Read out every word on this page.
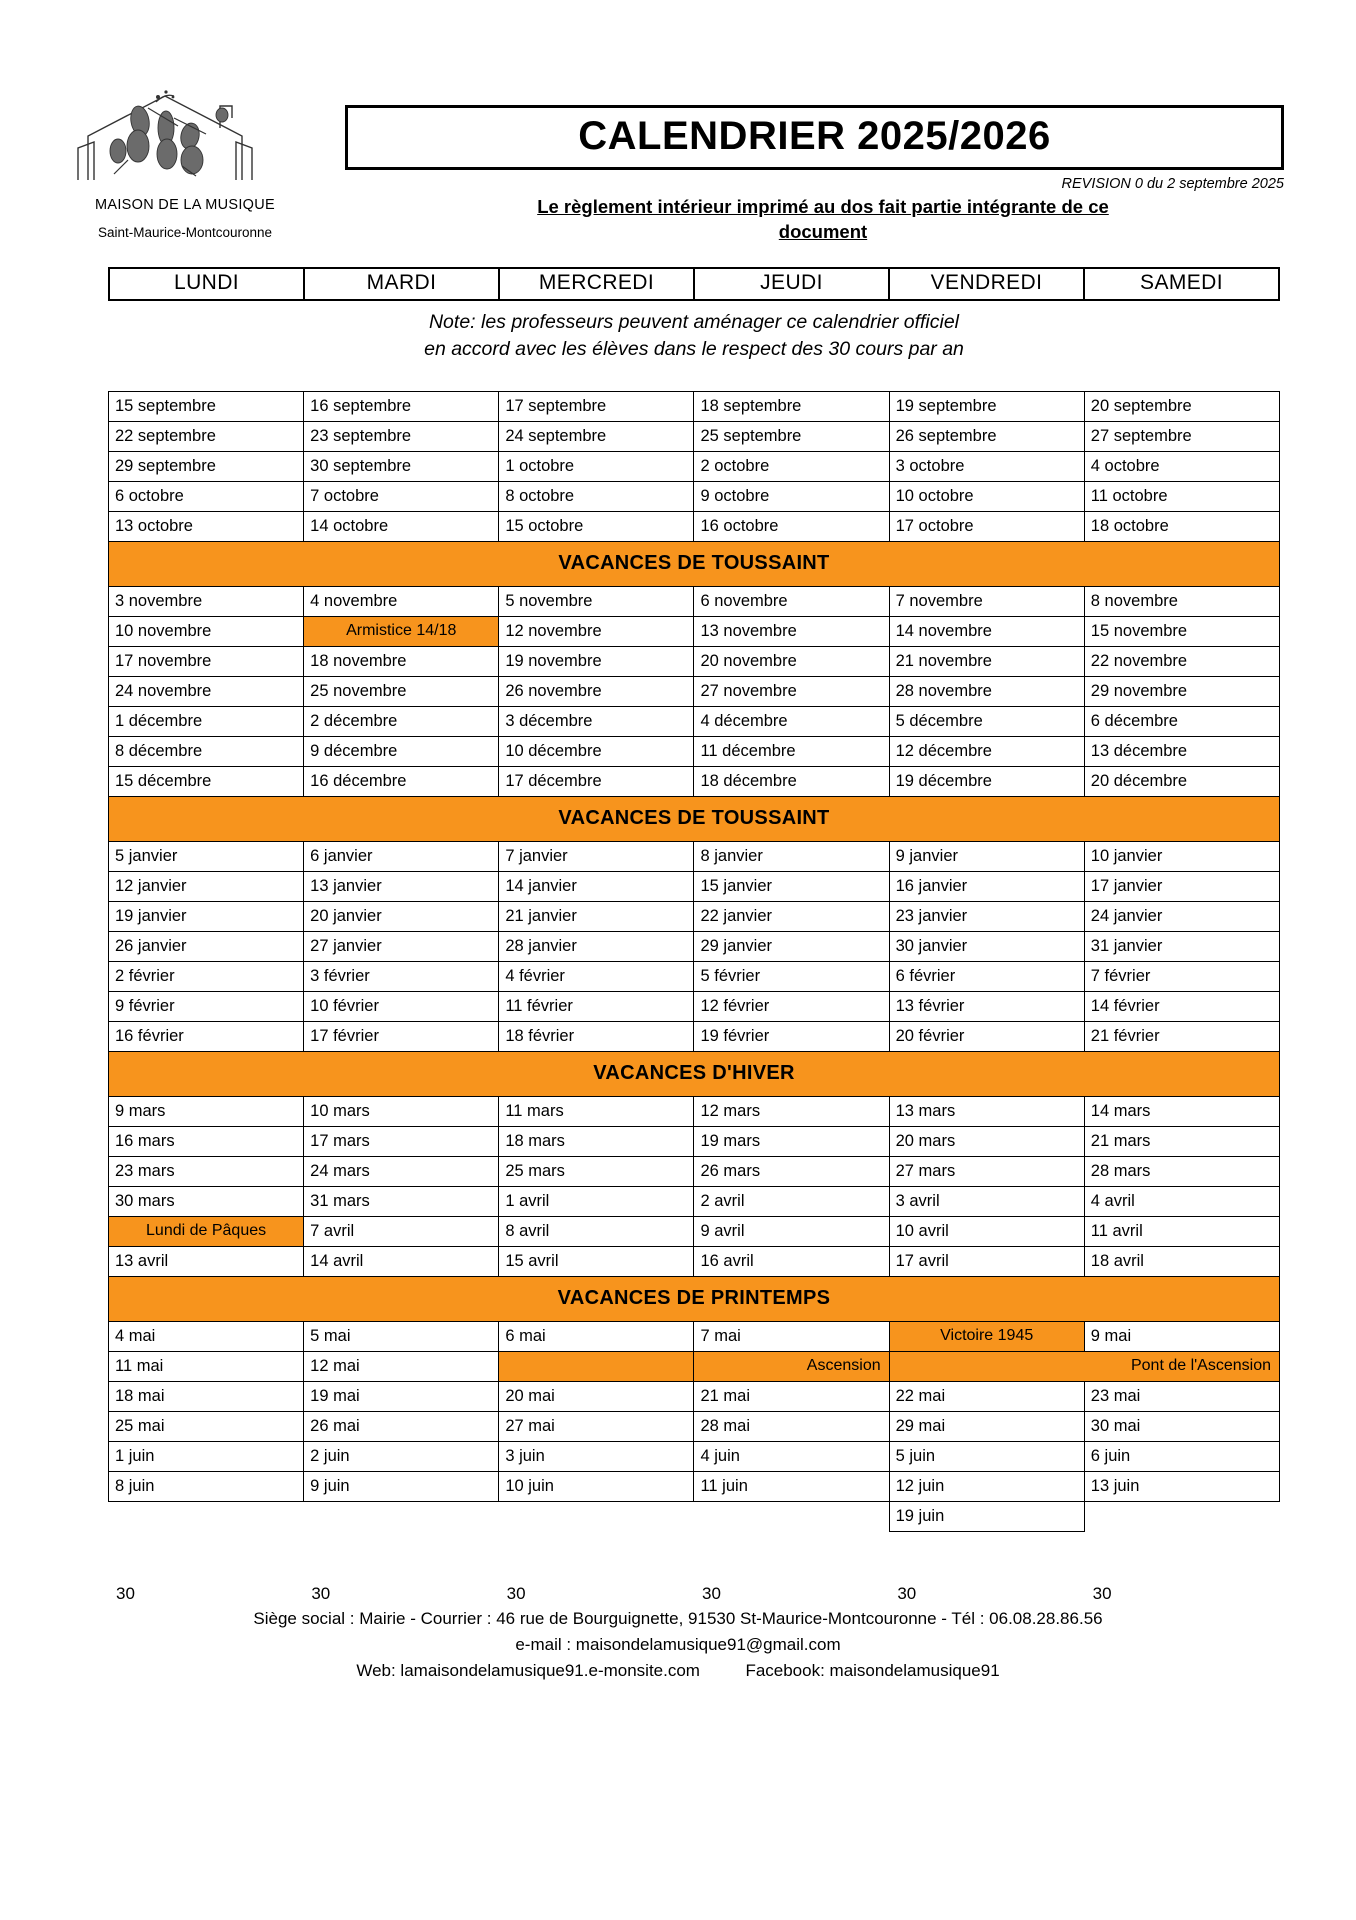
MAISON DE LA MUSIQUE
Saint-Maurice-Montcouronne
CALENDRIER 2025/2026
REVISION 0 du 2 septembre 2025
Le règlement intérieur imprimé au dos fait partie intégrante de ce
document
LUNDI	MARDI	MERCREDI	JEUDI	VENDREDI	SAMEDI
Note: les professeurs peuvent aménager ce calendrier officiel
en accord avec les élèves dans le respect des 30 cours par an
15 septembre	16 septembre	17 septembre	18 septembre	19 septembre	20 septembre
22 septembre	23 septembre	24 septembre	25 septembre	26 septembre	27 septembre
29 septembre	30 septembre	1 octobre	2 octobre	3 octobre	4 octobre
6 octobre	7 octobre	8 octobre	9 octobre	10 octobre	11 octobre
13 octobre	14 octobre	15 octobre	16 octobre	17 octobre	18 octobre
VACANCES DE TOUSSAINT					
3 novembre	4 novembre	5 novembre	6 novembre	7 novembre	8 novembre
10 novembre	Armistice 14/18	12 novembre	13 novembre	14 novembre	15 novembre
17 novembre	18 novembre	19 novembre	20 novembre	21 novembre	22 novembre
24 novembre	25 novembre	26 novembre	27 novembre	28 novembre	29 novembre
1 décembre	2 décembre	3 décembre	4 décembre	5 décembre	6 décembre
8 décembre	9 décembre	10 décembre	11 décembre	12 décembre	13 décembre
15 décembre	16 décembre	17 décembre	18 décembre	19 décembre	20 décembre
VACANCES DE TOUSSAINT					
5 janvier	6 janvier	7 janvier	8 janvier	9 janvier	10 janvier
12 janvier	13 janvier	14 janvier	15 janvier	16 janvier	17 janvier
19 janvier	20 janvier	21 janvier	22 janvier	23 janvier	24 janvier
26 janvier	27 janvier	28 janvier	29 janvier	30 janvier	31 janvier
2 février	3 février	4 février	5 février	6 février	7 février
9 février	10 février	11 février	12 février	13 février	14 février
16 février	17 février	18 février	19 février	20 février	21 février
VACANCES D'HIVER					
9 mars	10 mars	11 mars	12 mars	13 mars	14 mars
16 mars	17 mars	18 mars	19 mars	20 mars	21 mars
23 mars	24 mars	25 mars	26 mars	27 mars	28 mars
30 mars	31 mars	1 avril	2 avril	3 avril	4 avril
Lundi de Pâques	7 avril	8 avril	9 avril	10 avril	11 avril
13 avril	14 avril	15 avril	16 avril	17 avril	18 avril
VACANCES DE PRINTEMPS					
4 mai	5 mai	6 mai	7 mai	Victoire 1945	9 mai
11 mai	12 mai		Ascension	Pont de l'Ascension	
18 mai	19 mai	20 mai	21 mai	22 mai	23 mai
25 mai	26 mai	27 mai	28 mai	29 mai	30 mai
1 juin	2 juin	3 juin	4 juin	5 juin	6 juin
8 juin	9 juin	10 juin	11 juin	12 juin	13 juin
				19 juin	
30	30	30	30	30	30
Siège social : Mairie - Courrier : 46 rue de Bourguignette, 91530 St-Maurice-Montcouronne - Tél : 06.08.28.86.56
e-mail : maisondelamusique91@gmail.com
Web: lamaisondelamusique91.e-monsite.com	Facebook: maisondelamusique91
